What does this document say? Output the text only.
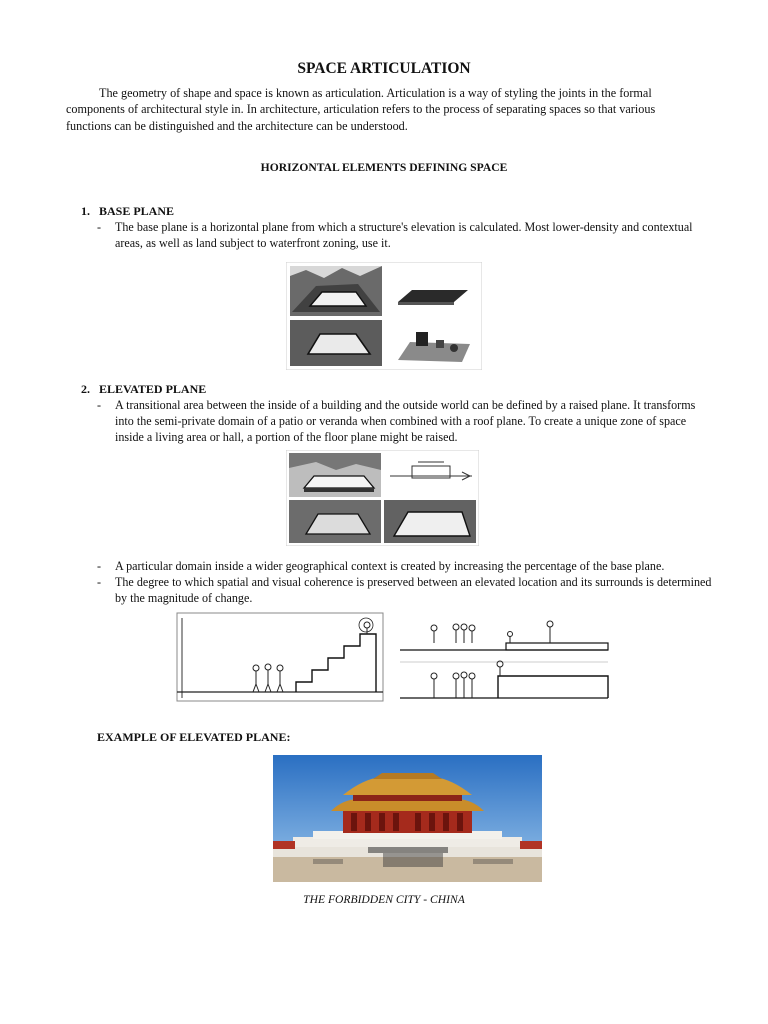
SPACE ARTICULATION
The geometry of shape and space is known as articulation. Articulation is a way of styling the joints in the formal components of architectural style in. In architecture, articulation refers to the process of separating spaces so that various functions can be distinguished and the architecture can be understood.
HORIZONTAL ELEMENTS DEFINING SPACE
1. BASE PLANE
- The base plane is a horizontal plane from which a structure's elevation is calculated. Most lower-density and contextual areas, as well as land subject to waterfront zoning, use it.
2. ELEVATED PLANE
- A transitional area between the inside of a building and the outside world can be defined by a raised plane. It transforms into the semi-private domain of a patio or veranda when combined with a roof plane. To create a unique zone of space inside a living area or hall, a portion of the floor plane might be raised.
- A particular domain inside a wider geographical context is created by increasing the percentage of the base plane.
- The degree to which spatial and visual coherence is preserved between an elevated location and its surrounds is determined by the magnitude of change.
EXAMPLE OF ELEVATED PLANE:
THE FORBIDDEN CITY - CHINA
